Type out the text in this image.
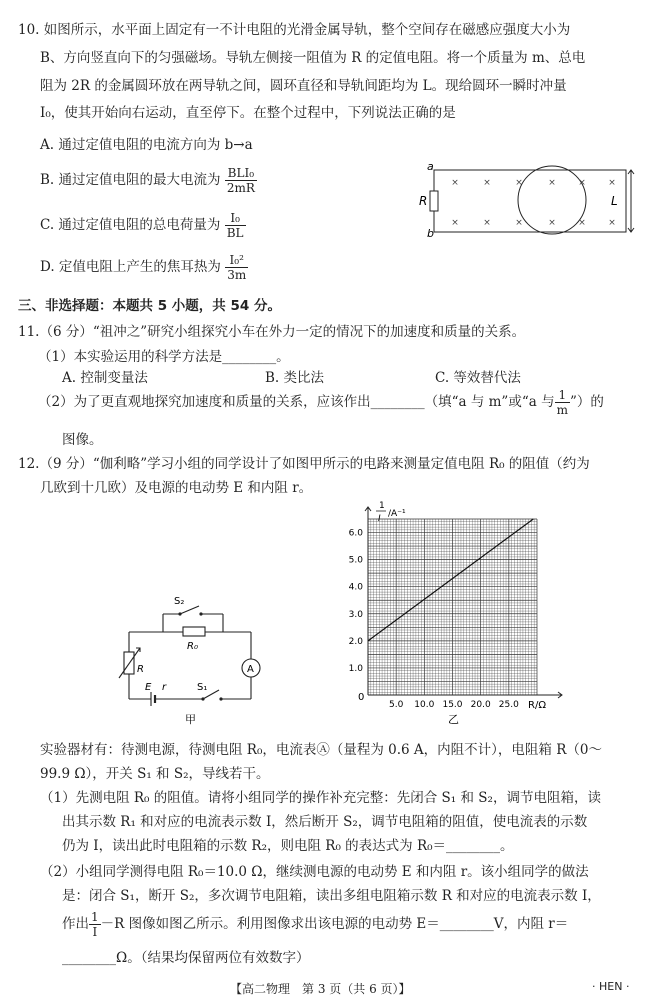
10. 如图所示，水平面上固定有一不计电阻的光滑金属导轨，整个空间存在磁感应强度大小为
B、方向竖直向下的匀强磁场。导轨左侧接一阻值为 R 的定值电阻。将一个质量为 m、总电
阻为 2R 的金属圆环放在两导轨之间，圆环直径和导轨间距均为 L。现给圆环一瞬时冲量
I₀，使其开始向右运动，直至停下。在整个过程中，下列说法正确的是
A. 通过定值电阻的电流方向为 b→a
B. 通过定值电阻的最大电流为 $\frac{\text{BLI₀}}{2mR}$
C. 通过定值电阻的总电荷量为 $\frac{\text{I₀}}{BL}$
D. 定值电阻上产生的焦耳热为 $\frac{\text{I₀²}}{3m}$
×	×	×	× × ×
×	×	×	× × ×
a
b
R	L
三、非选择题：本题共 5 小题，共 54 分。
11.（6 分）“祖冲之”研究小组探究小车在外力一定的情况下的加速度和质量的关系。
（1）本实验运用的科学方法是________。
A. 控制变量法	B. 类比法	C. 等效替代法
（2）为了更直观地探究加速度和质量的关系，应该作出________（填“a 与 m”或“a 与 $\frac{1}{m}$ ”）的
图像。
12.（9 分）“伽利略”学习小组的同学设计了如图甲所示的电路来测量定值电阻 R₀ 的阻值（约为
几欧到十几欧）及电源的电动势 E 和内阻 r。
S₂
R₀
R	A
E r	S₁
甲
1.0
2.0
3.0
4.0
5.0
6.0
5.0 10.0 15.0 20.0 25.0
1
I /A⁻¹
R/Ω
0
乙
实验器材有：待测电源，待测电阻 R₀，电流表Ⓐ（量程为 0.6 A，内阻不计），电阻箱 R（0～
99.9 Ω），开关 S₁ 和 S₂，导线若干。
（1）先测电阻 R₀ 的阻值。请将小组同学的操作补充完整：先闭合 S₁ 和 S₂，调节电阻箱，读
出其示数 R₁ 和对应的电流表示数 I，然后断开 S₂，调节电阻箱的阻值，使电流表的示数
仍为 I，读出此时电阻箱的示数 R₂，则电阻 R₀ 的表达式为 R₀＝________。
（2）小组同学测得电阻 R₀＝10.0 Ω，继续测电源的电动势 E 和内阻 r。该小组同学的做法
是：闭合 S₁，断开 S₂，多次调节电阻箱，读出多组电阻箱示数 R 和对应的电流表示数 I，
作出 $\frac{1}{I} -R$ 图像如图乙所示。利用图像求出该电源的电动势 E＝________V，内阻 r＝
________Ω。（结果均保留两位有效数字）
【高二物理　第 3 页（共 6 页）】	· HEN ·
